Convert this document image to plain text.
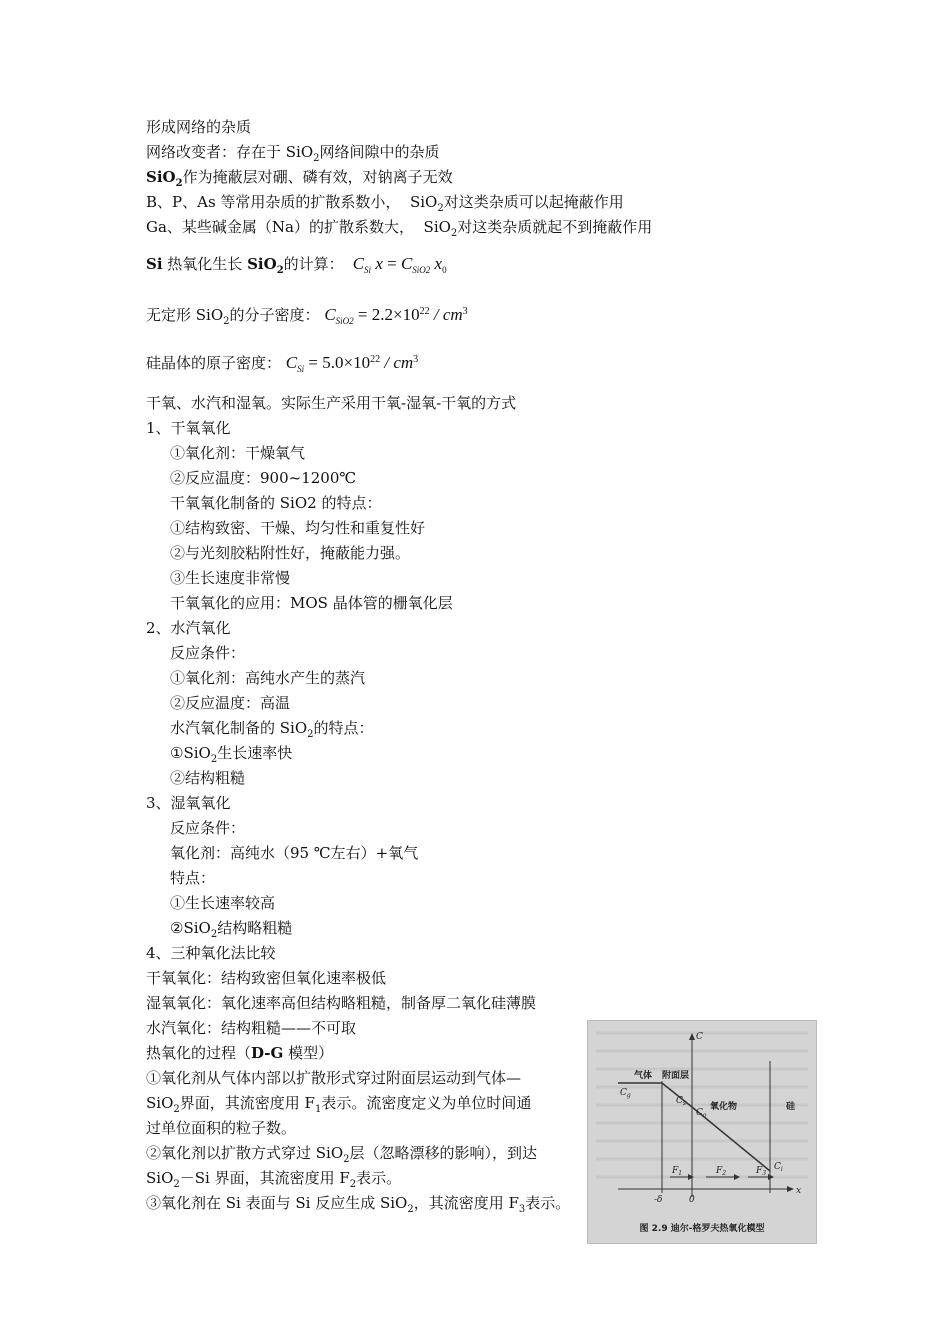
形成网络的杂质
网络改变者：存在于 SiO$_2$网络间隙中的杂质
SiO$_2$作为掩蔽层对硼、磷有效，对钠离子无效
B、P、As 等常用杂质的扩散系数小， SiO$_2$对这类杂质可以起掩蔽作用
Ga、某些碱金属（Na）的扩散系数大， SiO$_2$对这类杂质就起不到掩蔽作用
Si 热氧化生长 SiO$_2$的计算： $C_{Si}$ $x = C_{SiO2}$ $x_0$
无定形 SiO$_2$的分子密度： $C_{SiO2} = 2.2\times 10^{22} / cm^3$
硅晶体的原子密度： $C_{Si} = 5.0\times 10^{22} / cm^3$
干氧、水汽和湿氧。实际生产采用干氧-湿氧-干氧的方式
1、干氧氧化
①氧化剂：干燥氧气
②反应温度：900~1200℃
干氧氧化制备的 SiO2 的特点：
①结构致密、干燥、均匀性和重复性好
②与光刻胶粘附性好，掩蔽能力强。
③生长速度非常慢
干氧氧化的应用：MOS 晶体管的栅氧化层
2、水汽氧化
反应条件：
①氧化剂：高纯水产生的蒸汽
②反应温度：高温
水汽氧化制备的 SiO$_2$的特点：
①SiO$_2$生长速率快
②结构粗糙
3、湿氧氧化
反应条件：
氧化剂：高纯水（95 ℃左右）+氧气
特点：
①生长速率较高
②SiO$_2$结构略粗糙
4、三种氧化法比较
干氧氧化：结构致密但氧化速率极低
湿氧氧化：氧化速率高但结构略粗糙，制备厚二氧化硅薄膜
水汽氧化：结构粗糙——不可取
热氧化的过程（D-G 模型）
①氧化剂从气体内部以扩散形式穿过附面层运动到气体—
SiO$_2$界面，其流密度用 $F_1$表示。流密度定义为单位时间通
过单位面积的粒子数。
②氧化剂以扩散方式穿过 SiO$_2$层（忽略漂移的影响），到达
SiO$_2$－Si 界面，其流密度用 $F_2$表示。
③氧化剂在 Si 表面与 Si 反应生成 SiO$_2$，其流密度用 $F_3$表示。
气体 附面层
氧化物	硅
$C_g$
$C_s$
$C_o$
$C_i$
$F_1$	$F_2$	$F_3$
-δ	0
x
C
图 2.9 迪尔-格罗夫热氧化模型
